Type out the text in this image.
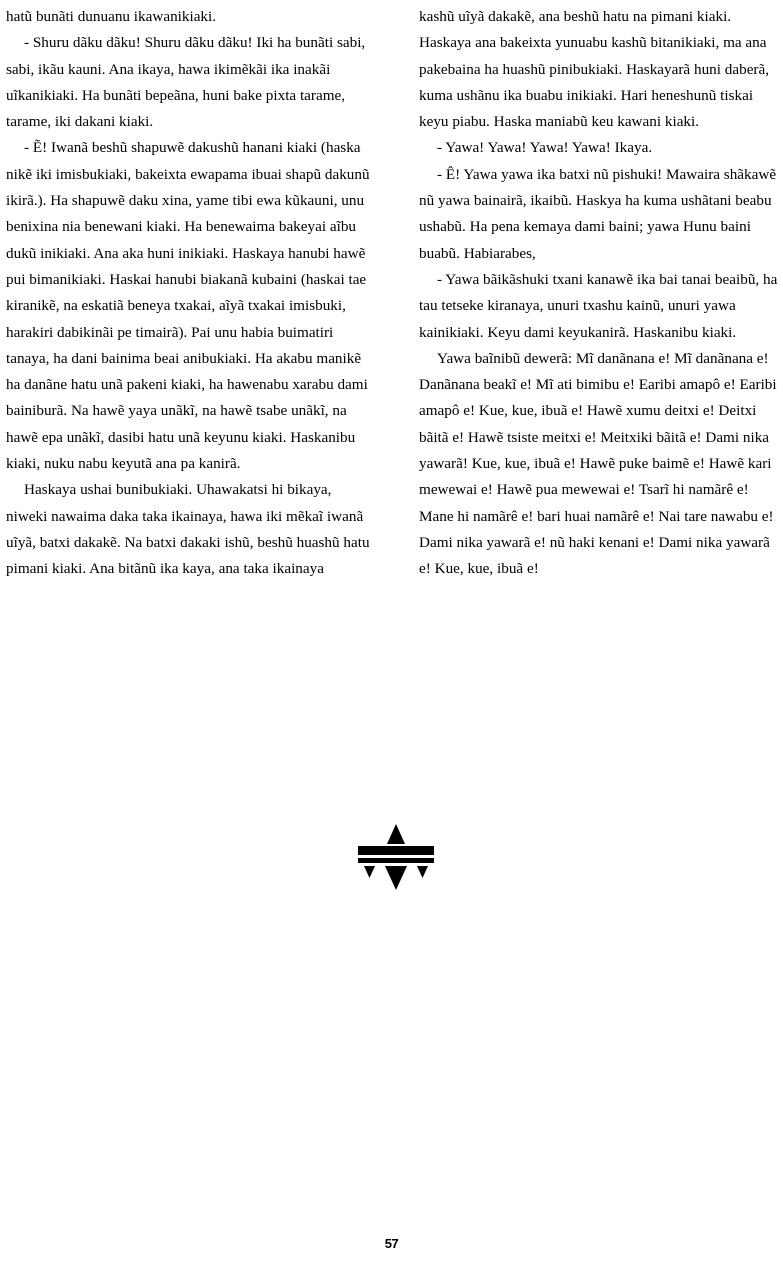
hatũ bunãti dunuanu ikawanikiaki.

- Shuru dãku dãku! Shuru dãku dãku! Iki ha bunãti sabi, sabi, ikãu kauni. Ana ikaya, hawa ikimẽkãi ika inakãi uĩkanikiaki. Ha bunãti bepeãna, huni bake pixta tarame, tarame, iki dakani kiaki.

- Ẽ! Iwanã beshũ shapuwẽ dakushũ hanani kiaki (haska nikẽ iki imisbukiaki, bakeixta ewapama ibuai shapũ dakunũ ikirã.). Ha shapuwẽ daku xina, yame tibi ewa kũkauni, unu benixina nia benewani kiaki. Ha benewaima bakeyai aĩbu dukũ inikiaki. Ana aka huni inikiaki. Haskaya hanubi hawẽ pui bimanikiaki. Haskai hanubi biakanã kubaini (haskai tae kiranikẽ, na eskatiã beneya txakai, aĩyã txakai imisbuki, harakiri dabikinãi pe timairã). Pai unu habia buimatiri tanaya, ha dani bainima beai anibukiaki. Ha akabu manikẽ ha danãne hatu unã pakeni kiaki, ha hawenabu xarabu dami bainiburã. Na hawẽ yaya unãkĩ, na hawẽ tsabe unãkĩ, na hawẽ epa unãkĩ, dasibi hatu unã keyunu kiaki. Haskanibu kiaki, nuku nabu keyutã ana pa kanirã.

Haskaya ushai bunibukiaki. Uhawakatsi hi bikaya, niweki nawaima daka taka ikainaya, hawa iki mẽkaĩ iwanã uĩyã, batxi dakakẽ. Na batxi dakaki ishũ, beshũ huashũ hatu pimani kiaki. Ana bitãnũ ika kaya, ana taka ikainaya

kashũ uĩyã dakakẽ, ana beshũ hatu na pimani kiaki. Haskaya ana bakeixta yunuabu kashũ bitanikiaki, ma ana pakebaina ha huashũ pinibukiaki. Haskayarã huni daberã, kuma ushãnu ika buabu inikiaki. Hari heneshunũ tiskai keyu piabu. Haska maniabũ keu kawani kiaki.

- Yawa! Yawa! Yawa! Yawa! Ikaya.

- Ê! Yawa yawa ika batxi nũ pishuki! Mawaira shãkawẽ nũ yawa bainairã, ikaibũ. Haskya ha kuma ushãtani beabu ushabũ. Ha pena kemaya dami baini; yawa Hunu baini buabũ. Habiarabes,

- Yawa bãikãshuki txani kanawẽ ika bai tanai beaibũ, ha tau tetseke kiranaya, unuri txashu kainũ, unuri yawa kainikiaki. Keyu dami keyukanirã. Haskanibu kiaki.

Yawa baĩnibũ dewerã: Mĩ danãnana e! Mĩ danãnana e! Danãnana beakĩ e! Mĩ ati bimibu e! Earibi amapô e! Earibi amapô e! Kue, kue, ibuã e! Hawẽ xumu deitxi e! Deitxi bãitã e! Hawẽ tsiste meitxi e! Meitxiki bãitã e! Dami nika yawarã! Kue, kue, ibuã e! Hawẽ puke baimẽ e! Hawẽ kari mewewai e! Hawẽ pua mewewai e! Tsarĩ hi namãrê e! Mane hi namãrê e! bari huai namãrê e! Nai tare nawabu e! Dami nika yawarã e! nũ haki kenani e! Dami nika yawarã e! Kue, kue, ibuã e!

57
